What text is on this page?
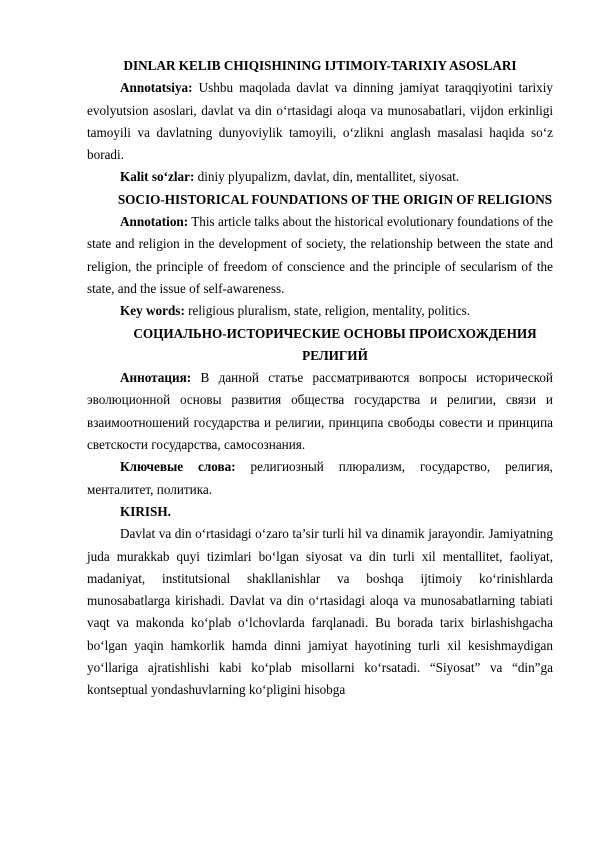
DINLAR KELIB CHIQISHINING IJTIMOIY-TARIXIY ASOSLARI

Annotatsiya: Ushbu maqolada davlat va dinning jamiyat taraqqiyotini tarixiy evolyutsion asoslari, davlat va din o‘rtasidagi aloqa va munosabatlari, vijdon erkinligi tamoyili va davlatning dunyoviylik tamoyili, o‘zlikni anglash masalasi haqida so‘z boradi.

Kalit so‘zlar: diniy plyupalizm, davlat, din, mentallitet, siyosat.

SOCIO-HISTORICAL FOUNDATIONS OF THE ORIGIN OF RELIGIONS

Annotation: This article talks about the historical evolutionary foundations of the state and religion in the development of society, the relationship between the state and religion, the principle of freedom of conscience and the principle of secularism of the state, and the issue of self-awareness.

Key words: religious pluralism, state, religion, mentality, politics.

СОЦИАЛЬНО-ИСТОРИЧЕСКИЕ ОСНОВЫ ПРОИСХОЖДЕНИЯ РЕЛИГИЙ

Аннотация: В данной статье рассматриваются вопросы исторической эволюционной основы развития общества государства и религии, связи и взаимоотношений государства и религии, принципа свободы совести и принципа светскости государства, самосознания.

Ключевые слова: религиозный плюрализм, государство, религия, менталитет, политика.

KIRISH.

Davlat va din o‘rtasidagi o‘zaro ta’sir turli hil va dinamik jarayondir. Jamiyatning juda murakkab quyi tizimlari bo‘lgan siyosat va din turli xil mentallitet, faoliyat, madaniyat, institutsional shakllanishlar va boshqa ijtimoiy ko‘rinishlarda munosabatlarga kirishadi. Davlat va din o‘rtasidagi aloqa va munosabatlarning tabiati vaqt va makonda ko‘plab o‘lchovlarda farqlanadi. Bu borada tarix birlashishgacha bo‘lgan yaqin hamkorlik hamda dinni jamiyat hayotining turli xil kesishmaydigan yo‘llariga ajratishlishi kabi ko‘plab misollarni ko‘rsatadi. “Siyosat” va “din”ga kontseptual yondashuvlarning ko‘pligini hisobga
